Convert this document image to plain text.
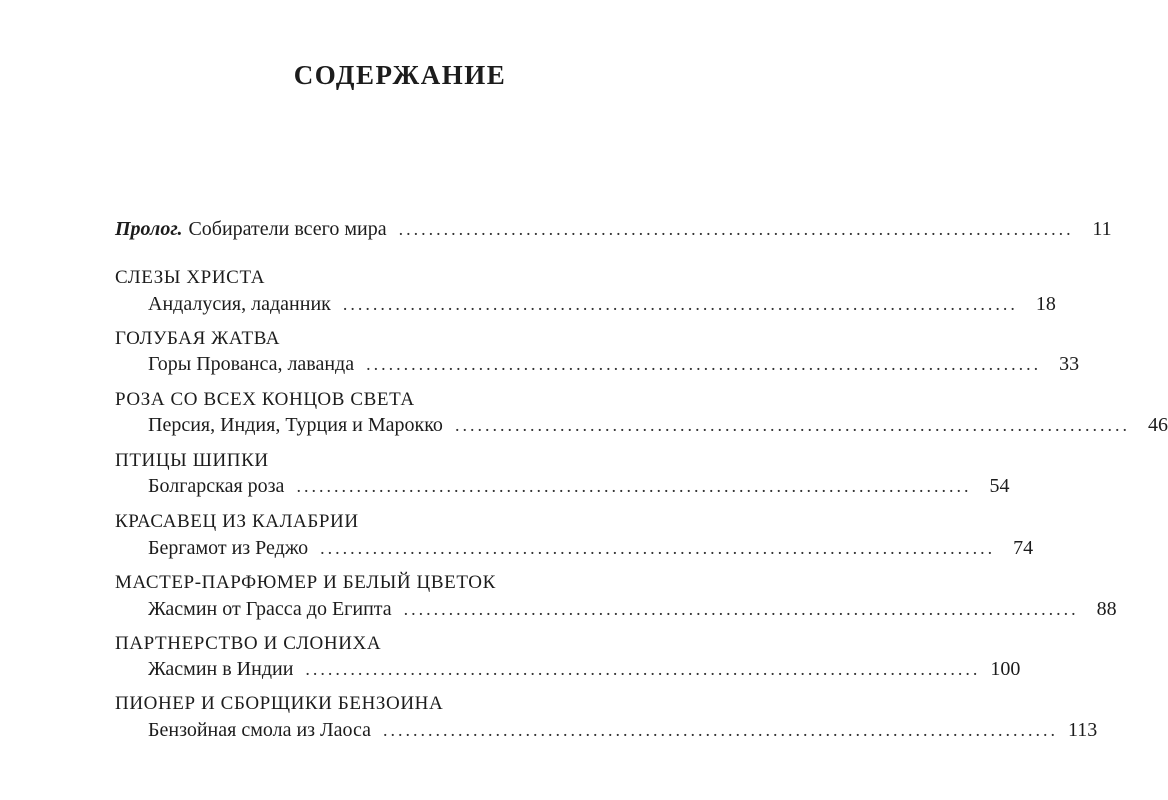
СОДЕРЖАНИЕ
Пролог. Собиратели всего мира .......................................................................................... 11
СЛЕЗЫ ХРИСТА
Андалусия, ладанник .......................................................................................... 18
ГОЛУБАЯ ЖАТВА
Горы Прованса, лаванда .......................................................................................... 33
РОЗА СО ВСЕХ КОНЦОВ СВЕТА
Персия, Индия, Турция и Марокко .......................................................................................... 46
ПТИЦЫ ШИПКИ
Болгарская роза .......................................................................................... 54
КРАСАВЕЦ ИЗ КАЛАБРИИ
Бергамот из Реджо .......................................................................................... 74
МАСТЕР-ПАРФЮМЕР И БЕЛЫЙ ЦВЕТОК
Жасмин от Грасса до Египта .......................................................................................... 88
ПАРТНЕРСТВО И СЛОНИХА
Жасмин в Индии .......................................................................................... 100
ПИОНЕР И СБОРЩИКИ БЕНЗОИНА
Бензойная смола из Лаоса .......................................................................................... 113
